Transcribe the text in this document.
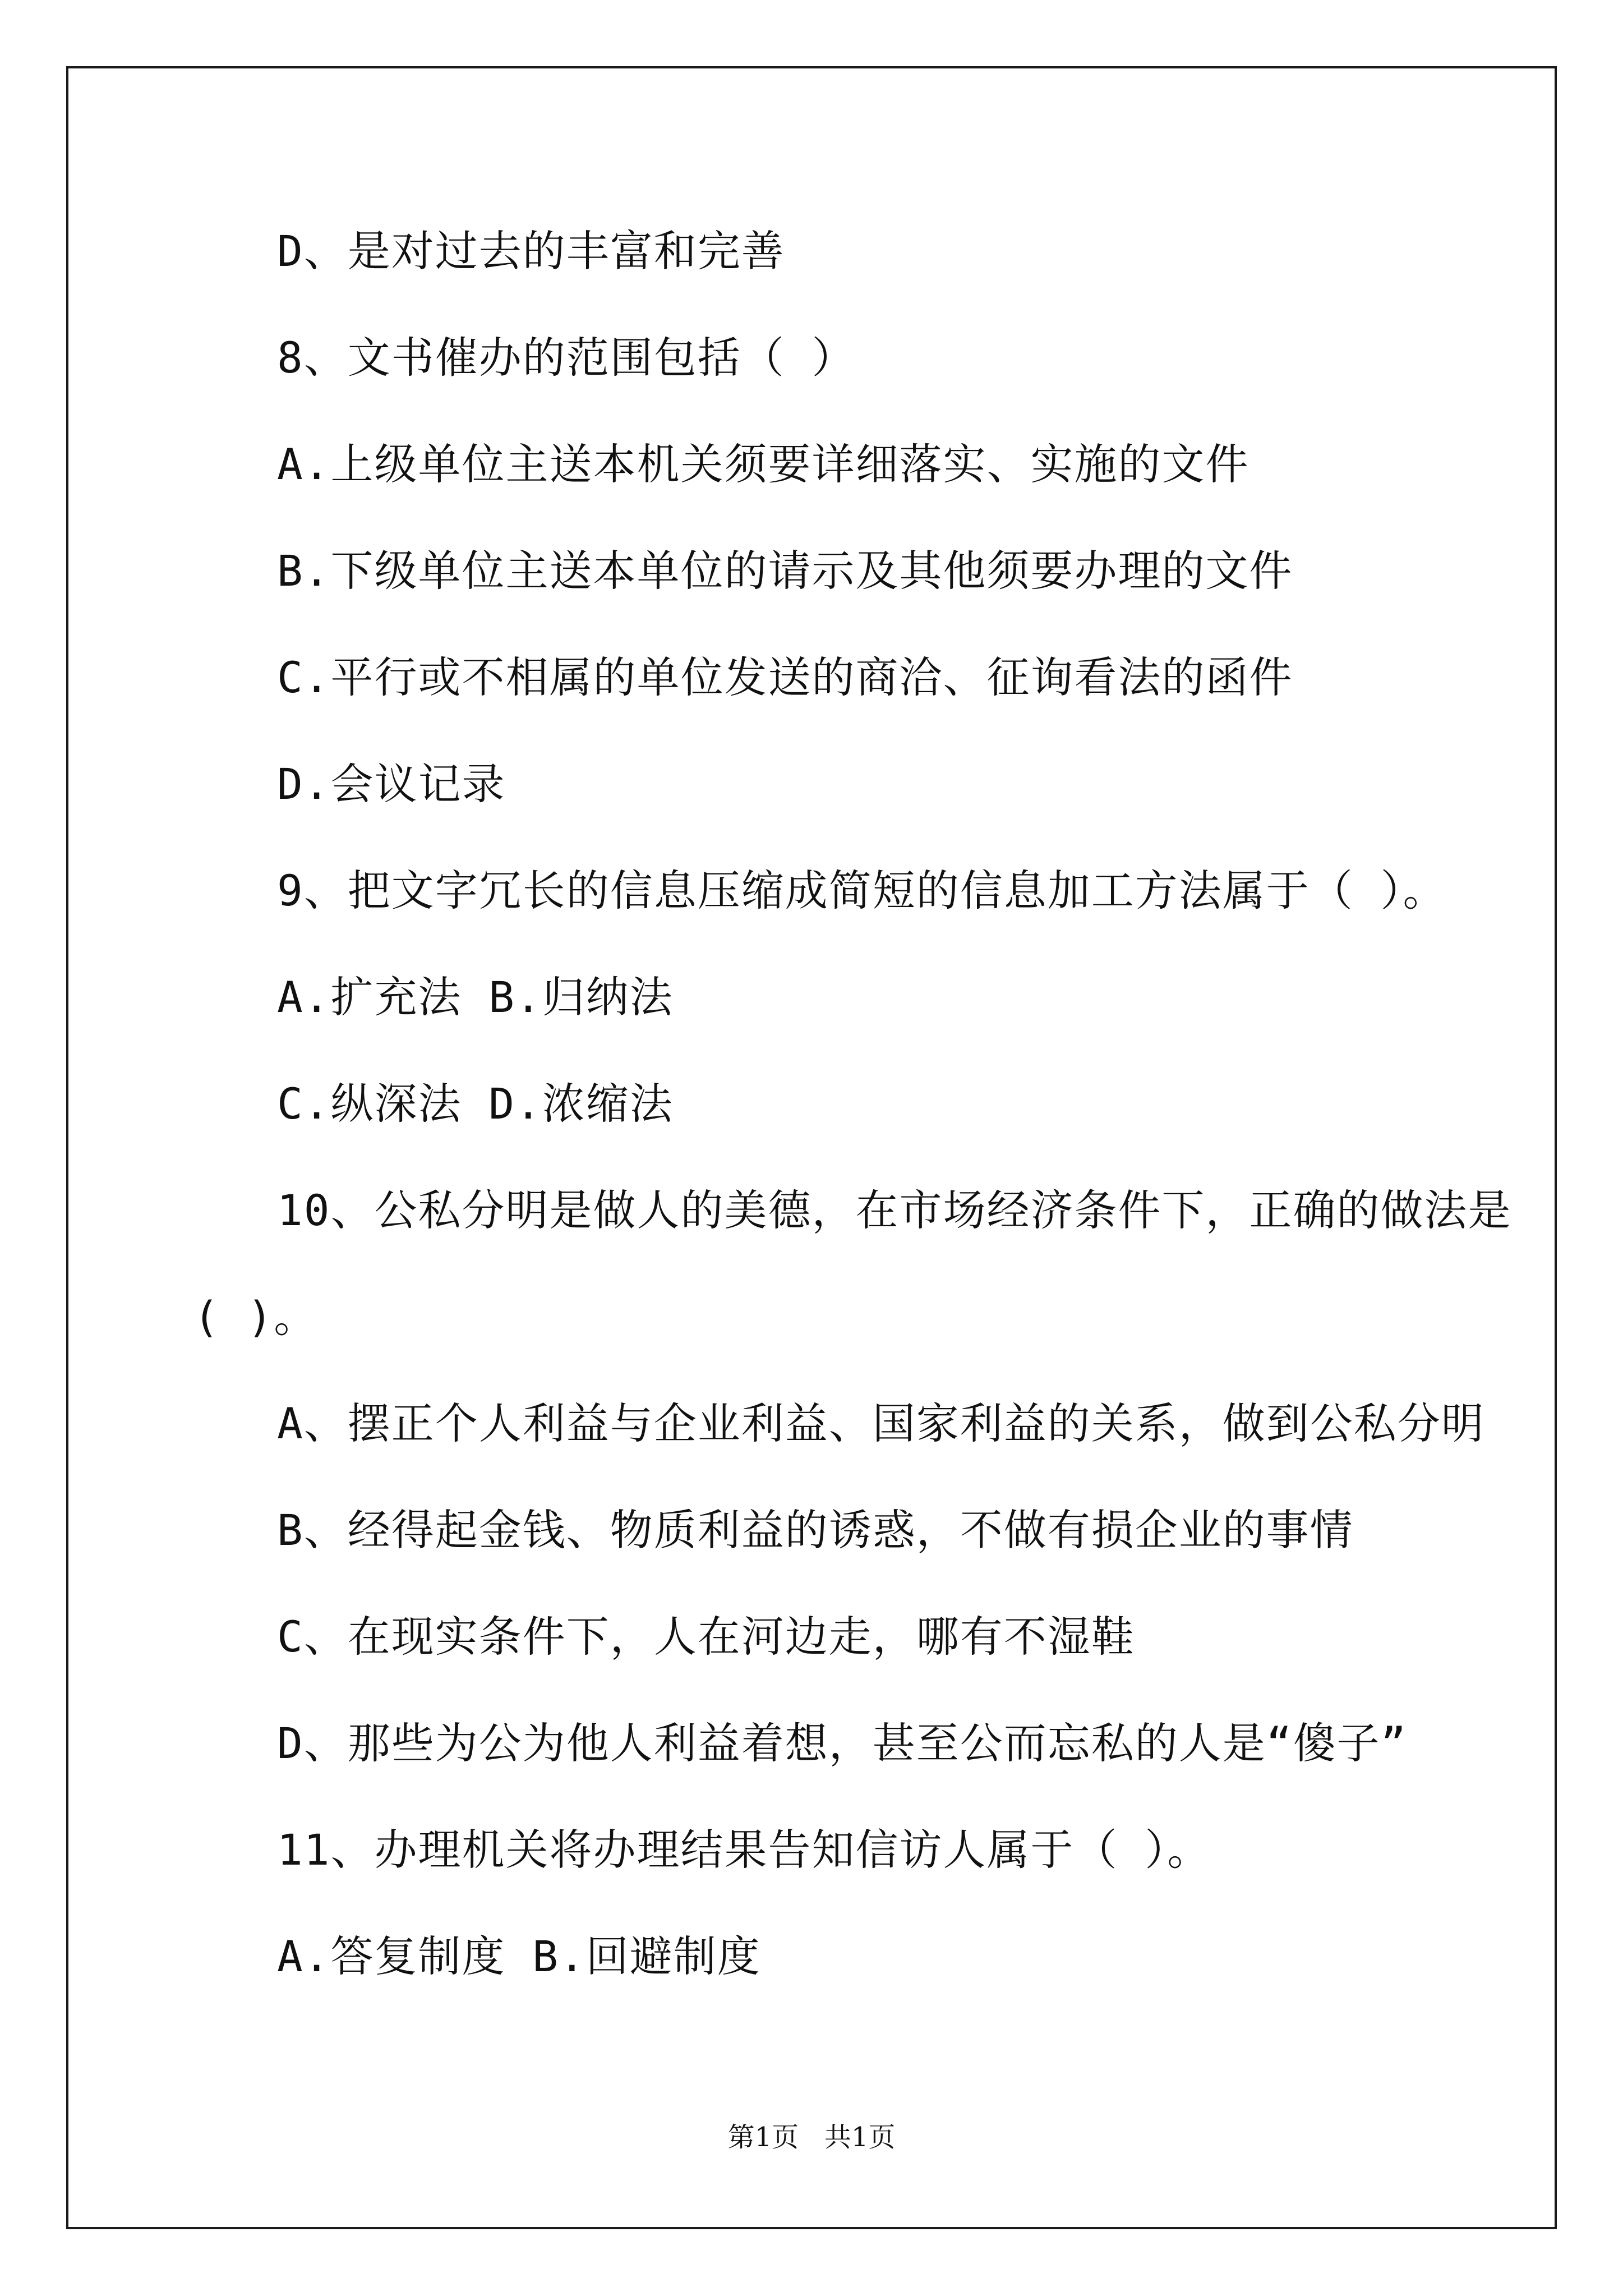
D、是对过去的丰富和完善
8、文书催办的范围包括（ ）
A.上级单位主送本机关须要详细落实、实施的文件
B.下级单位主送本单位的请示及其他须要办理的文件
C.平行或不相属的单位发送的商洽、征询看法的函件
D.会议记录
9、把文字冗长的信息压缩成简短的信息加工方法属于（ ）。
A.扩充法 B.归纳法
C.纵深法 D.浓缩法
10、公私分明是做人的美德，在市场经济条件下，正确的做法是
( )。
A、摆正个人利益与企业利益、国家利益的关系，做到公私分明
B、经得起金钱、物质利益的诱惑，不做有损企业的事情
C、在现实条件下，人在河边走，哪有不湿鞋
D、那些为公为他人利益着想，甚至公而忘私的人是“傻子”
11、办理机关将办理结果告知信访人属于（ ）。
A.答复制度 B.回避制度
第1页   共1页
